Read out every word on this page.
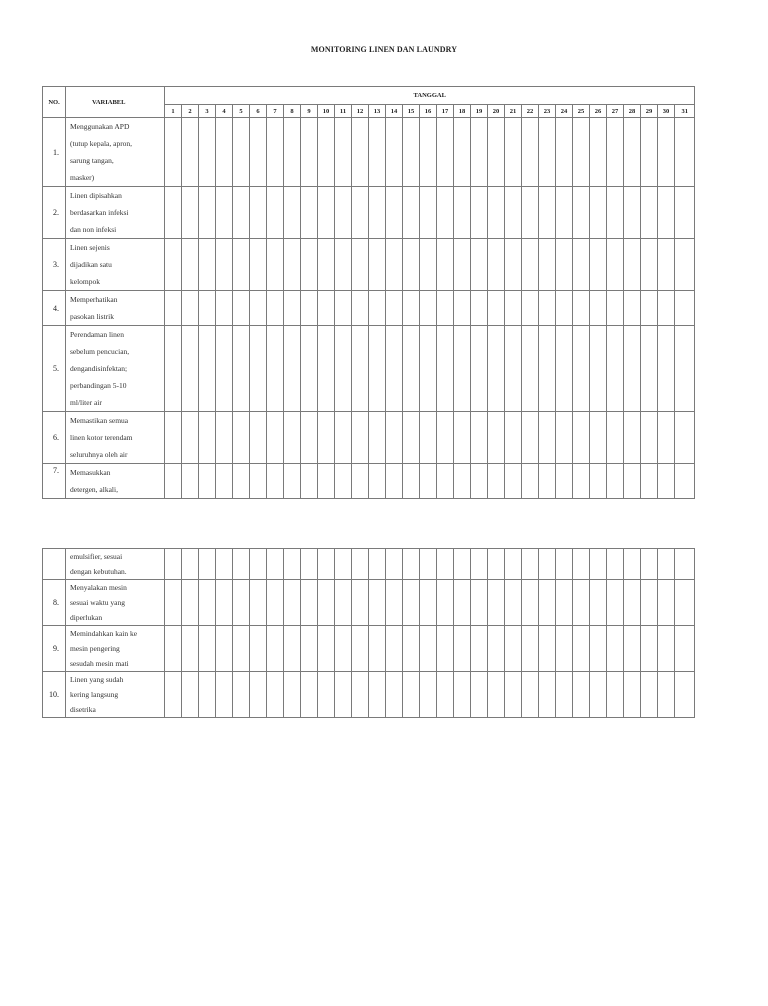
MONITORING LINEN DAN LAUNDRY
NO.	VARIABEL	TANGGAL																														
		1	2	3	4	5	6	7	8	9	10	11	12	13	14	15	16	17	18	19	20	21	22	23	24	25	26	27	28	29	30	31
1.	Menggunakan APD
(tutup kepala, apron,
sarung tangan,
masker)																															

2.	Linen dipisahkan
berdasarkan infeksi
dan non infeksi																															

3.	Linen sejenis
dijadikan satu
kelompok																															

4.	Memperhatikan
pasokan listrik																															

5.	Perendaman linen
sebelum pencucian,
dengandisinfektan;
perbandingan 5-10
ml/liter air																															

6.	Memastikan semua
linen kotor terendam
seluruhnya oleh air																															

7.	Memasukkan
detergen, alkali,																															

	emulsifier, sesuai
dengan kebutuhan.																															

8.	Menyalakan mesin
sesuai waktu yang
diperlukan																															

9.	Memindahkan kain ke
mesin pengering
sesudah mesin mati																															

10.	Linen yang sudah
kering langsung
disetrika																															
